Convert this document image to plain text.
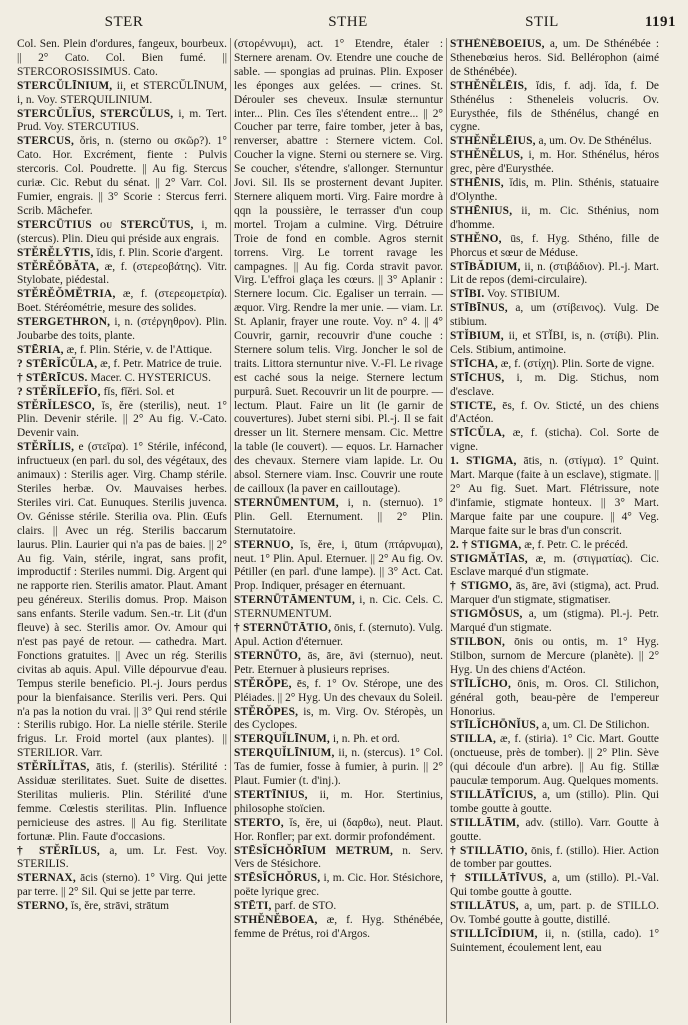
STER	STHE	STIL	1191

Col. Sen. Plein d'ordures, fangeux, bourbeux. || 2° Cato. Col. Bien fumé. || STERCOROSISSIMUS. Cato.

STERCŬLĪNIUM, ii, et STERCŬLĪNUM, i, n. Voy. STERQUILINIUM.

STERCŬLĬUS, STERCŬLUS, i, m. Tert. Prud. Voy. STERCUTIUS.

STERCUS, ŏris, n. (sterno ou σκῶρ?). 1° Cato. Hor. Excrément, fiente : Pulvis stercoris. Col. Poudrette. || Au fig. Stercus curiæ. Cic. Rebut du sénat. || 2° Varr. Col. Fumier, engrais. || 3° Scorie : Stercus ferri. Scrib. Mâchefer.

STERCŪTIUS ou STERCŬTUS, i, m. (stercus). Plin. Dieu qui préside aux engrais.

STĔRĔLȲTIS, ĭdis, f. Plin. Scorie d'argent.

STĔRĔŎBĂTA, æ, f. (στερεοβάτης). Vitr. Stylobate, piédestal.

STĔRĔŎMĔTRIA, æ, f. (στερεομετρία). Boet. Stéréométrie, mesure des solides.

STERGETHRON, i, n. (στέργηθρον). Plin. Joubarbe des toits, plante.

STĒRIA, æ, f. Plin. Stérie, v. de l'Attique.

? STĒRĬCŬLA, æ, f. Petr. Matrice de truie.

† STĒRĪCUS. Macer. C. HYSTERICUS.

? STĔRĬLEFĬO, fĭs, fĭĕri. Sol. et

STĔRĬLESCO, ĭs, ĕre (sterilis), neut. 1° Plin. Devenir stérile. || 2° Au fig. V.-Cato. Devenir vain.

STĔRĬLIS, e (στεῖρα). 1° Stérile, infécond, infructueux (en parl. du sol, des végétaux, des animaux) : Sterilis ager. Virg. Champ stérile. Steriles herbæ. Ov. Mauvaises herbes. Steriles viri. Cat. Eunuques. Sterilis juvenca. Ov. Génisse stérile. Sterilia ova. Plin. Œufs clairs. || Avec un rég. Sterilis baccarum laurus. Plin. Laurier qui n'a pas de baies. || 2° Au fig. Vain, stérile, ingrat, sans profit, improductif : Steriles nummi. Dig. Argent qui ne rapporte rien. Sterilis amator. Plaut. Amant peu généreux. Sterilis domus. Prop. Maison sans enfants. Sterile vadum. Sen.-tr. Lit (d'un fleuve) à sec. Sterilis amor. Ov. Amour qui n'est pas payé de retour. — cathedra. Mart. Fonctions gratuites. || Avec un rég. Sterilis civitas ab aquis. Apul. Ville dépourvue d'eau. Tempus sterile beneficio. Pl.-j. Jours perdus pour la bienfaisance. Sterilis veri. Pers. Qui n'a pas la notion du vrai. || 3° Qui rend stérile : Sterilis rubigo. Hor. La nielle stérile. Sterile frigus. Lr. Froid mortel (aux plantes). || STERILIOR. Varr.

STĔRĬLĬTAS, ātis, f. (sterilis). Stérilité : Assiduæ sterilitates. Suet. Suite de disettes. Sterilitas mulieris. Plin. Stérilité d'une femme. Cœlestis sterilitas. Plin. Influence pernicieuse des astres. || Au fig. Sterilitate fortunæ. Plin. Faute d'occasions.

† STĔRĪLUS, a, um. Lr. Fest. Voy. STERILIS.

STERNAX, ācis (sterno). 1° Virg. Qui jette par terre. || 2° Sil. Qui se jette par terre.

STERNO, ĭs, ĕre, strāvi, strātum

(στορέννυμι), act. 1° Etendre, étaler : Sternere arenam. Ov. Etendre une couche de sable. — spongias ad pruinas. Plin. Exposer les éponges aux gelées. — crines. St. Dérouler ses cheveux. Insulæ sternuntur inter... Plin. Ces îles s'étendent entre... || 2° Coucher par terre, faire tomber, jeter à bas, renverser, abattre : Sternere victem. Col. Coucher la vigne. Sterni ou sternere se. Virg. Se coucher, s'étendre, s'allonger. Sternuntur Jovi. Sil. Ils se prosternent devant Jupiter. Sternere aliquem morti. Virg. Faire mordre à qqn la poussière, le terrasser d'un coup mortel. Trojam a culmine. Virg. Détruire Troie de fond en comble. Agros sternit torrens. Virg. Le torrent ravage les campagnes. || Au fig. Corda stravit pavor. Virg. L'effroi glaça les cœurs. || 3° Aplanir : Sternere locum. Cic. Egaliser un terrain. — æquor. Virg. Rendre la mer unie. — viam. Lr. St. Aplanir, frayer une route. Voy. n° 4. || 4° Couvrir, garnir, recouvrir d'une couche : Sternere solum telis. Virg. Joncher le sol de traits. Littora sternuntur nive. V.-Fl. Le rivage est caché sous la neige. Sternere lectum purpurâ. Suet. Recouvrir un lit de pourpre. — lectum. Plaut. Faire un lit (le garnir de couvertures). Jubet sterni sibi. Pl.-j. Il se fait dresser un lit. Sternere mensam. Cic. Mettre la table (le couvert). — equos. Lr. Harnacher des chevaux. Sternere viam lapide. Lr. Ou absol. Sternere viam. Insc. Couvrir une route de cailloux (la paver en cailloutage).

STERNŪMENTUM, i, n. (sternuo). 1° Plin. Gell. Eternument. || 2° Plin. Sternutatoire.

STERNUO, ĭs, ĕre, i, ūtum (πτάρνυμαι), neut. 1° Plin. Apul. Eternuer. || 2° Au fig. Ov. Pétiller (en parl. d'une lampe). || 3° Act. Cat. Prop. Indiquer, présager en éternuant.

STERNŪTĀMENTUM, i, n. Cic. Cels. C. STERNUMENTUM.

† STERNŪTĀTIO, ōnis, f. (sternuto). Vulg. Apul. Action d'éternuer.

STERNŪTO, ās, āre, āvi (sternuo), neut. Petr. Eternuer à plusieurs reprises.

STĔRŎPE, ēs, f. 1° Ov. Stérope, une des Pléiades. || 2° Hyg. Un des chevaux du Soleil.

STĔRŎPES, is, m. Virg. Ov. Stéropès, un des Cyclopes.

STERQUĬLĪNUM, i, n. Ph. et ord.

STERQUĬLĪNIUM, ii, n. (stercus). 1° Col. Tas de fumier, fosse à fumier, à purin. || 2° Plaut. Fumier (t. d'inj.).

STERTĪNIUS, ii, m. Hor. Stertinius, philosophe stoïcien.

STERTO, ĭs, ĕre, ui (δαρθω), neut. Plaut. Hor. Ronfler; par ext. dormir profondément.

STĒSĬCHŎRĪUM METRUM, n. Serv. Vers de Stésichore.

STĒSĬCHŎRUS, i, m. Cic. Hor. Stésichore, poëte lyrique grec.

STĒTI, parf. de STO.

STHĔNĔBOEA, æ, f. Hyg. Sthénébée, femme de Prétus, roi d'Argos.

STHĔNĔBOEIUS, a, um. De Sthénébée : Sthenebœius heros. Sid. Bellérophon (aimé de Sthénébée).

STHĔNĔLĒIS, ĭdis, f. adj. ĭda, f. De Sthénélus : Stheneleis volucris. Ov. Eurysthée, fils de Sthénélus, changé en cygne.

STHĔNĔLĒIUS, a, um. Ov. De Sthénélus.

STHĔNĔLUS, i, m. Hor. Sthénélus, héros grec, père d'Eurysthée.

STHĒNIS, ĭdis, m. Plin. Sthénis, statuaire d'Olynthe.

STHĒNIUS, ii, m. Cic. Sthénius, nom d'homme.

STHĔNO, ūs, f. Hyg. Sthéno, fille de Phorcus et sœur de Méduse.

STĪBĂDIUM, ii, n. (στιβάδιον). Pl.-j. Mart. Lit de repos (demi-circulaire).

STĪBI. Voy. STIBIUM.

STĪBĪNUS, a, um (στίβεινος). Vulg. De stibium.

STĬBIUM, ii, et STĬBI, is, n. (στίβι). Plin. Cels. Stibium, antimoine.

STĪCHA, æ, f. (στίχη). Plin. Sorte de vigne.

STĪCHUS, i, m. Dig. Stichus, nom d'esclave.

STICTE, ēs, f. Ov. Sticté, un des chiens d'Actéon.

STĪCŬLA, æ, f. (sticha). Col. Sorte de vigne.

1. STIGMA, ātis, n. (στίγμα). 1° Quint. Mart. Marque (faite à un esclave), stigmate. || 2° Au fig. Suet. Mart. Flétrissure, note d'infamie, stigmate honteux. || 3° Mart. Marque faite par une coupure. || 4° Veg. Marque faite sur le bras d'un conscrit.

2. † STIGMA, æ, f. Petr. C. le précéd.

STIGMĂTĪAS, æ, m. (στιγματίας). Cic. Esclave marqué d'un stigmate.

† STIGMO, ās, āre, āvi (stigma), act. Prud. Marquer d'un stigmate, stigmatiser.

STIGMŌSUS, a, um (stigma). Pl.-j. Petr. Marqué d'un stigmate.

STILBON, ōnis ou ontis, m. 1° Hyg. Stilbon, surnom de Mercure (planète). || 2° Hyg. Un des chiens d'Actéon.

STĪLĬCHO, ōnis, m. Oros. Cl. Stilichon, général goth, beau-père de l'empereur Honorius.

STĪLĬCHŌNĬUS, a, um. Cl. De Stilichon.

STILLA, æ, f. (stiria). 1° Cic. Mart. Goutte (onctueuse, près de tomber). || 2° Plin. Sève (qui découle d'un arbre). || Au fig. Stillæ pauculæ temporum. Aug. Quelques moments.

STILLĀTĬCIUS, a, um (stillo). Plin. Qui tombe goutte à goutte.

STILLĀTIM, adv. (stillo). Varr. Goutte à goutte.

† STILLĀTIO, ōnis, f. (stillo). Hier. Action de tomber par gouttes.

† STILLĀTĪVUS, a, um (stillo). Pl.-Val. Qui tombe goutte à goutte.

STILLĀTUS, a, um, part. p. de STILLO. Ov. Tombé goutte à goutte, distillé.

STILLĪCĬDIUM, ii, n. (stilla, cado). 1° Suintement, écoulement lent, eau
